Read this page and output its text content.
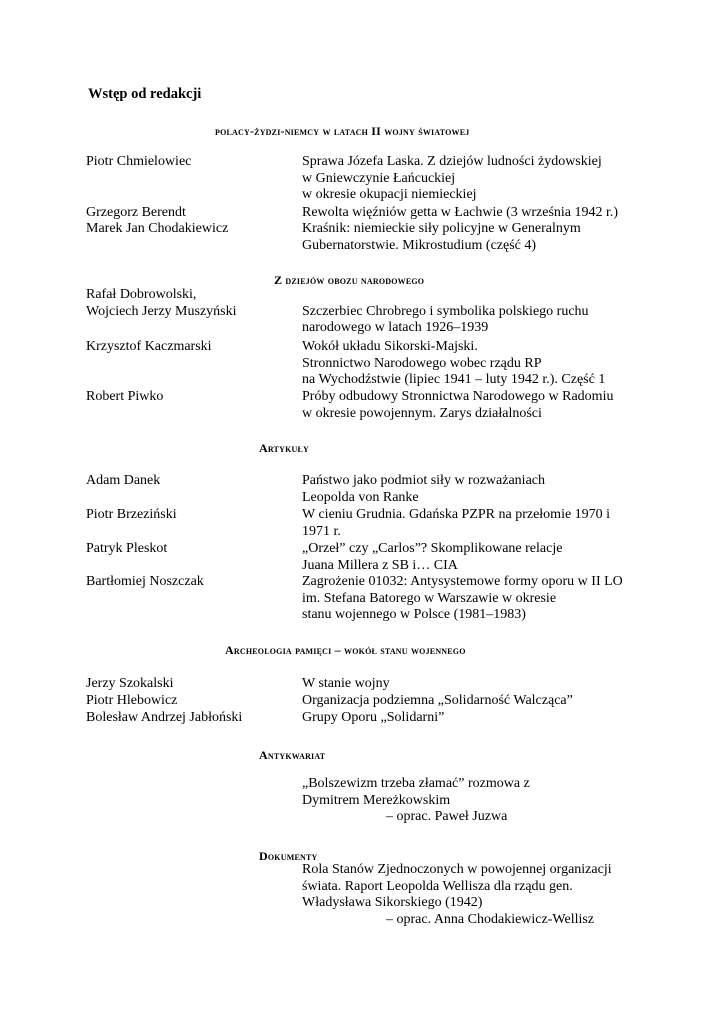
Wstęp od redakcji
polacy-żydzi-niemcy w latach II wojny światowej
Piotr Chmielowiec	Sprawa Józefa Laska. Z dziejów ludności żydowskiej
w Gniewczynie Łańcuckiej
w okresie okupacji niemieckiej
Grzegorz Berendt	Rewolta więźniów getta w Łachwie (3 września 1942 r.)
Marek Jan Chodakiewicz	Kraśnik: niemieckie siły policyjne w Generalnym
Gubernatorstwie. Mikrostudium (część 4)
Z dziejów obozu narodowego
Rafał Dobrowolski,
Wojciech Jerzy Muszyński
	Szczerbiec Chrobrego i symbolika polskiego ruchu
narodowego w latach 1926–1939
Krzysztof Kaczmarski	Wokół układu Sikorski-Majski.
Stronnictwo Narodowego wobec rządu RP
na Wychodźstwie (lipiec 1941 – luty 1942 r.). Część 1
Robert Piwko	Próby odbudowy Stronnictwa Narodowego w Radomiu
w okresie powojennym. Zarys działalności
Artykuły
Adam Danek	Państwo jako podmiot siły w rozważaniach
Leopolda von Ranke
Piotr Brzeziński	W cieniu Grudnia. Gdańska PZPR na przełomie 1970 i
1971 r.
Patryk Pleskot	„Orzeł” czy „Carlos”? Skomplikowane relacje
Juana Millera z SB i… CIA
Bartłomiej Noszczak	Zagrożenie 01032: Antysystemowe formy oporu w II LO
im. Stefana Batorego w Warszawie w okresie
stanu wojennego w Polsce (1981–1983)
Archeologia pamięci – wokół stanu wojennego
Jerzy Szokalski	W stanie wojny
Piotr Hlebowicz	Organizacja podziemna „Solidarność Walcząca”
Bolesław Andrzej Jabłoński	Grupy Oporu „Solidarni”
Antykwariat
„Bolszewizm trzeba złamać” rozmowa z
Dymitrem Mereżkowskim
– oprac. Paweł Juzwa
Dokumenty
Rola Stanów Zjednoczonych w powojennej organizacji
świata. Raport Leopolda Wellisza dla rządu gen.
Władysława Sikorskiego (1942)
– oprac. Anna Chodakiewicz-Wellisz
